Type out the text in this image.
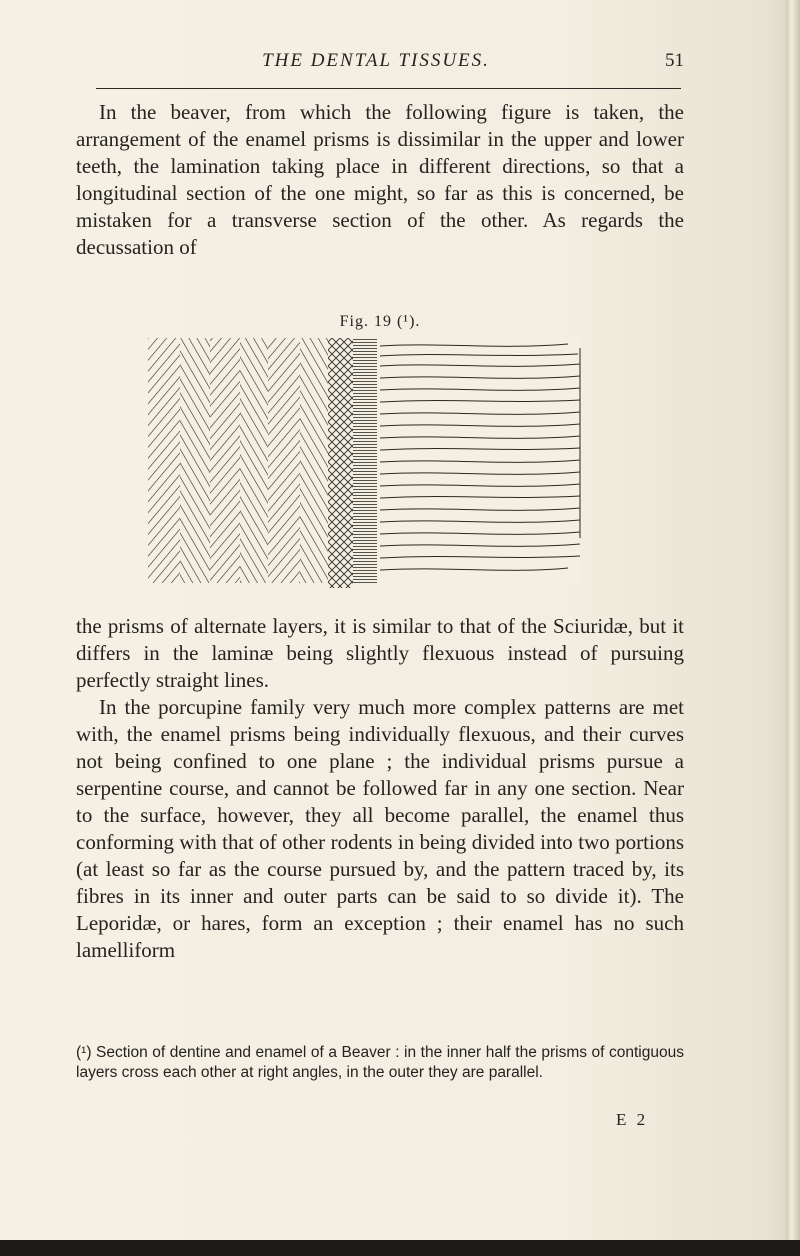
THE DENTAL TISSUES.	51

In the beaver, from which the following figure is taken, the arrangement of the enamel prisms is dissimilar in the upper and lower teeth, the lamination taking place in different directions, so that a longitudinal section of the one might, so far as this is concerned, be mistaken for a transverse section of the other. As regards the decussation of

Fig. 19 (¹).

the prisms of alternate layers, it is similar to that of the Sciuridæ, but it differs in the laminæ being slightly flexuous instead of pursuing perfectly straight lines.

In the porcupine family very much more complex patterns are met with, the enamel prisms being individually flexuous, and their curves not being confined to one plane ; the individual prisms pursue a serpentine course, and cannot be followed far in any one section. Near to the surface, however, they all become parallel, the enamel thus conforming with that of other rodents in being divided into two portions (at least so far as the course pursued by, and the pattern traced by, its fibres in its inner and outer parts can be said to so divide it). The Leporidæ, or hares, form an exception ; their enamel has no such lamelliform

(¹) Section of dentine and enamel of a Beaver : in the inner half the prisms of contiguous layers cross each other at right angles, in the outer they are parallel.
E 2
